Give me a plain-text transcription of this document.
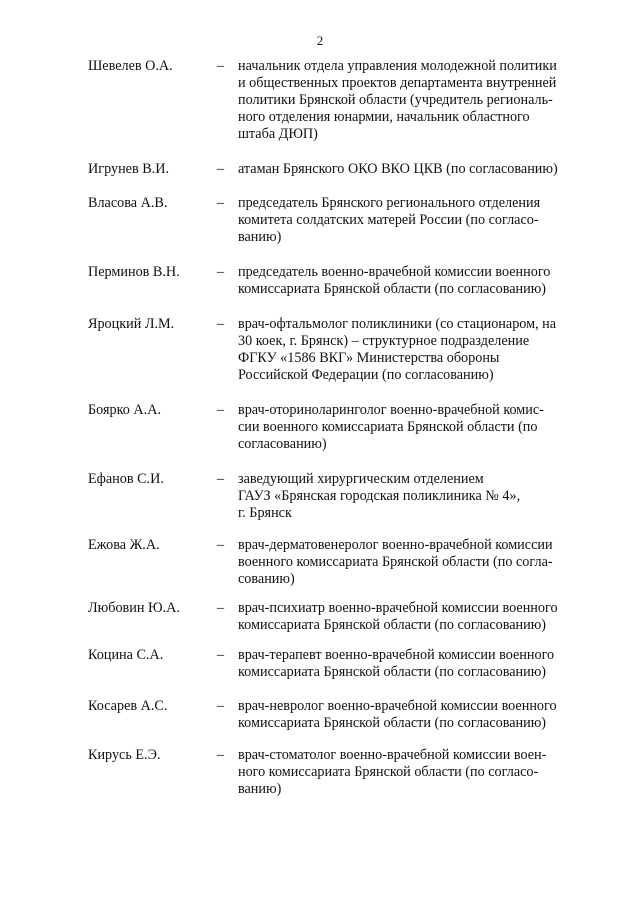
2
Шевелев О.А.	– начальник отдела управления молодежной политики
и общественных проектов департамента внутренней
политики Брянской области (учредитель региональ-
ного отделения юнармии, начальник областного
штаба ДЮП)
Игрунев В.И.	– атаман Брянского ОКО ВКО ЦКВ (по согласованию)
Власова А.В.	– председатель Брянского регионального отделения
комитета солдатских матерей России (по согласо-
ванию)
Перминов В.Н.	– председатель военно-врачебной комиссии военного
комиссариата Брянской области (по согласованию)
Яроцкий Л.М.	– врач-офтальмолог поликлиники (со стационаром, на
30 коек, г. Брянск) – структурное подразделение
ФГКУ «1586 ВКГ» Министерства обороны
Российской Федерации (по согласованию)
Боярко А.А.	– врач-оториноларинголог военно-врачебной комис-
сии военного комиссариата Брянской области (по
согласованию)
Ефанов С.И.	– заведующий хирургическим отделением
ГАУЗ «Брянская городская поликлиника № 4»,
г. Брянск
Ежова Ж.А.	– врач-дерматовенеролог военно-врачебной комиссии
военного комиссариата Брянской области (по согла-
сованию)
Любовин Ю.А.	– врач-психиатр военно-врачебной комиссии военного
комиссариата Брянской области (по согласованию)
Коцина С.А.	– врач-терапевт военно-врачебной комиссии военного
комиссариата Брянской области (по согласованию)
Косарев А.С.	– врач-невролог военно-врачебной комиссии военного
комиссариата Брянской области (по согласованию)
Кирусь Е.Э.	– врач-стоматолог военно-врачебной комиссии воен-
ного комиссариата Брянской области (по согласо-
ванию)
